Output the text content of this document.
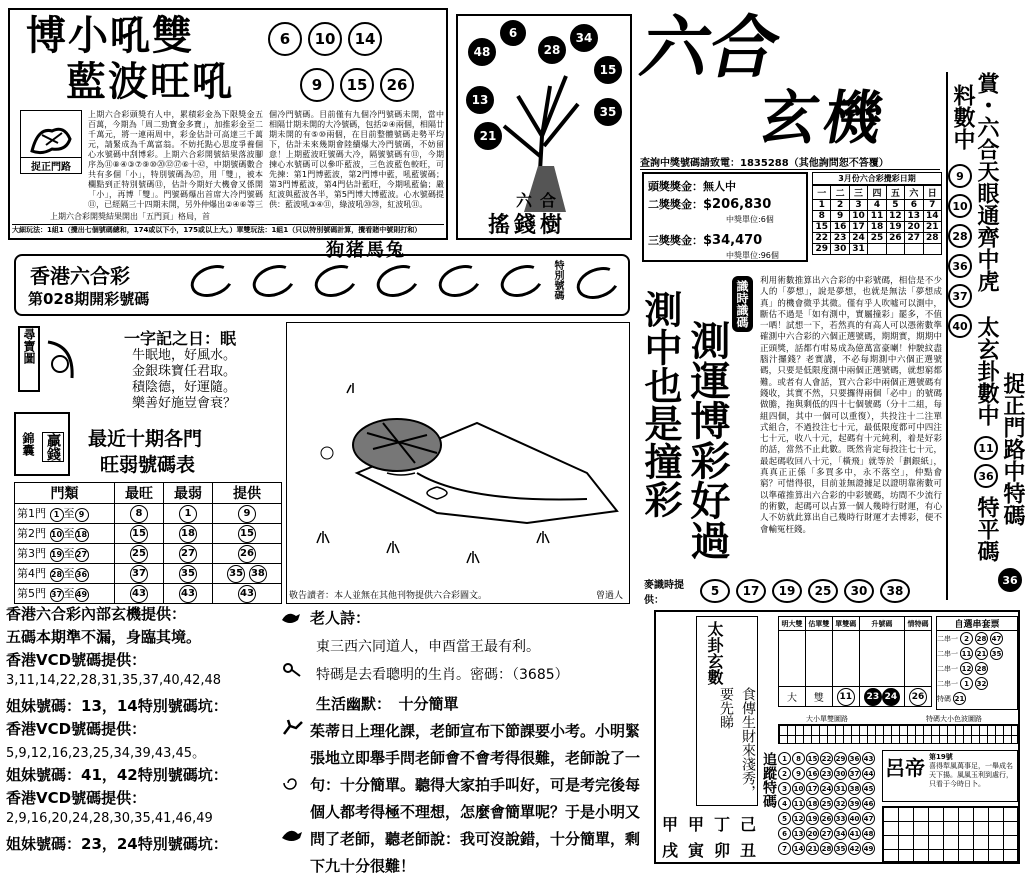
博小吼雙	6	10	14
藍波旺吼	9	15	26
捉正門路
上期六合彩頭獎冇人中，累積彩金為下限獎金五百萬，今期為「周二勁寶金多寶」，加推彩金至二千萬元，將一連兩周中，彩金估計可高達三千萬元，請緊成為千萬富翁。不妨托點心思度爭養個心水號碼中刮博彩。上期六合彩開號結果落波腳序為⑪⑧④③⑦⑨⑩⑳⑫⑰⑥十㊷，中期號碼數合共有多個「小」，特別號碼為⑰，用「雙」，被本欄點到正特別號碼⑬，估計今期好大機會又係開「小」，再博「雙」。門號碼爆出首席大冷門號碼⑪，已經隔三十四期未開，另外仲爆出②④⑥等三個冷門號碼。目前僅有九個冷門號碼未開，當中相隔廿期未開的大冷號碼，包括②④兩個，相隔廿期未開的有⑤⑩兩個，在目前整體號碼走勢平均下，估計未來幾期會陸續爆大冷門號碼，不妨留意！上期藍波旺號碼大冷，隔號號碼有⑪，今期揀心水號碼可以參吓藍波，三色波藍色較旺，可先揀：第1門博藍波，第2門博中藍，吼藍號碼；第3門博藍波，第4門估計藍旺，今期吼藍倫；嚴紅波與藍波各半，第5門博大博藍波。心水號碼提供：藍波吼③④⑪，綠波吼⑳㉘，紅波吼⑪。
上期六合彩開獎結果開出「五門頁」格局，首
大細玩法：1組1（攪出七個號碼總和，174或以下小，175或以上大。）單雙玩法：1組1（只以特別號碼計算，攪看賭中號則打和）
48
6
28
34
15
13
35
21
六合
搖錢樹
六合
玄機
查詢中獎號碼請致電：1835288（其他詢問恕不答覆）
頭獎獎金：無人中
二獎獎金：$206,830
中獎單位:6個
三獎獎金：$34,470
中獎單位:96個
3月份六合彩攪彩日期
一	二	三	四	五	六	日
1	2	3	4	5	6	7
8	9	10	11	12	13	14
15	16	17	18	19	20	21
22	23	24	25	26	27	28
29	30	31				
料數中
9
10
28
36
37
40
賞・六合天眼通齊中虎
太玄卦數中
11
36
特平碼
捉正門路中特碼
36
狗猪馬兔
香港六合彩
第028期開彩號碼	特別號碼
尋寶圖	一字記之日：眠
牛眠地，好風水。
金銀珠寶任君取。
積陰德，好運隨。
樂善好施豈會衰？
錦囊 贏錢 最近十期各門
旺弱號碼表
門類	最旺	最弱	提供
第1門 1 至 9	8	1	9
第2門 10至18	15	18	15
第3門 19至27	25	27	26
第4門 28至36	37	35	35 38
第5門 37至49	43	43	43	敬告讀者：本人並無在其他刊物提供六合彩圖文。	曾過人
測中也是撞彩 測運博彩好過
識時識碼	利用術數推算出六合彩的中彩號碼，相信是不少人的「夢想」，說是夢想，也就是無法「夢想成真」的機會微乎其微。僅有乎人吹噓可以測中，斷估不過是「如有測中，實屬撞彩」罷多，不值一哂！試想一下，若然真的有高人可以憑術數準確測中六合彩的六個正選號碼，期期實，期期中正頭獎，話都冇咁易成為億萬富豪喇！仲駛紋盡腦汁攞錢？老實講，不必每期測中六個正選號碼，只要是低限度測中兩個正選號碼，就想窮都難。或者有人會話，買六合彩中兩個正選號碼有錢收，其實不然，只要攞得兩個「必中」的號碼做膽，拖與剩低的四十七個號碼（分十二組，每組四個，其中一個可以重復），共投注十二注單式組合，不過投注七十元，最低限度都可中四注七十元，收八十元，起碼有十元純利，着是好彩的話，當然不止此數。既然肯定每投注七十元，最起碼收回八十元，「橫飛」就等於「劃銀紙」，真真正正係「多買多中，永不落空」，仲點會窮？可惜得很，目前並無證據足以證明靠術數可以準確推算出六合彩的中彩號碼，坊間不少流行的術數，起碼可以占算一個人幾時行財運，有心人不妨就此算出自己幾時行財運才去博彩，便不會輸冤枉錢。
麥識時提供：
5	17	19	25	30	38
香港六合彩內部玄機提供：
五碼本期準不漏，身臨其境。
香港VCD號碼提供：
3,11,14,22,28,31,35,37,40,42,48
姐妹號碼：13，14特別號碼坑：
香港VCD號碼提供：
5,9,12,16,23,25,34,39,43,45。
姐妹號碼：41，42特別號碼坑：
香港VCD號碼提供：
2,9,16,20,24,28,30,35,41,46,49
姐妹號碼：23，24特別號碼坑：
老人詩：
東三西六同道人，申酉當王最有利。
特碼是去看聰明的生肖。密碼：（3685）
生活幽默：　十分簡單
茱蒂日上理化課，老師宣布下節課要小考。小明緊張地立即舉手問老師會不會考得很難，老師說了一句：十分簡單。聽得大家拍手叫好，可是考完後每個人都考得極不理想，怎麼會簡單呢？于是小明又問了老師，聽老師說：我可沒說錯，十分簡單，剩下九十分很難！
太卦玄數
食傳生財來淺秀，要先睇
甲 甲 丁 己
戌 寅 卯 丑
明大雙	估單雙	單雙碼	升號碼	情特碼

大	雙	11	23 24	26
自選串套票
二串一 2	28 47
二串一 11 21 35
二串一 12 28
二串一 1	32
特碼 21
大小單雙圖路	特碼大小色波圖路
追蹤特碼 1	8 15 22 29 36 43
2	9 16 23 30 37 44
3 10 17 24 31 38 45
4 11 18 25 32 39 46
5 12 19 26 33 40 47
6 13 20 27 34 41 48
7 14 21 28 35 42 49
呂帝 第19號
喜得犁風萬事足，一舉成名天下揚。風風玉利到處行，只看于今時日卜。
